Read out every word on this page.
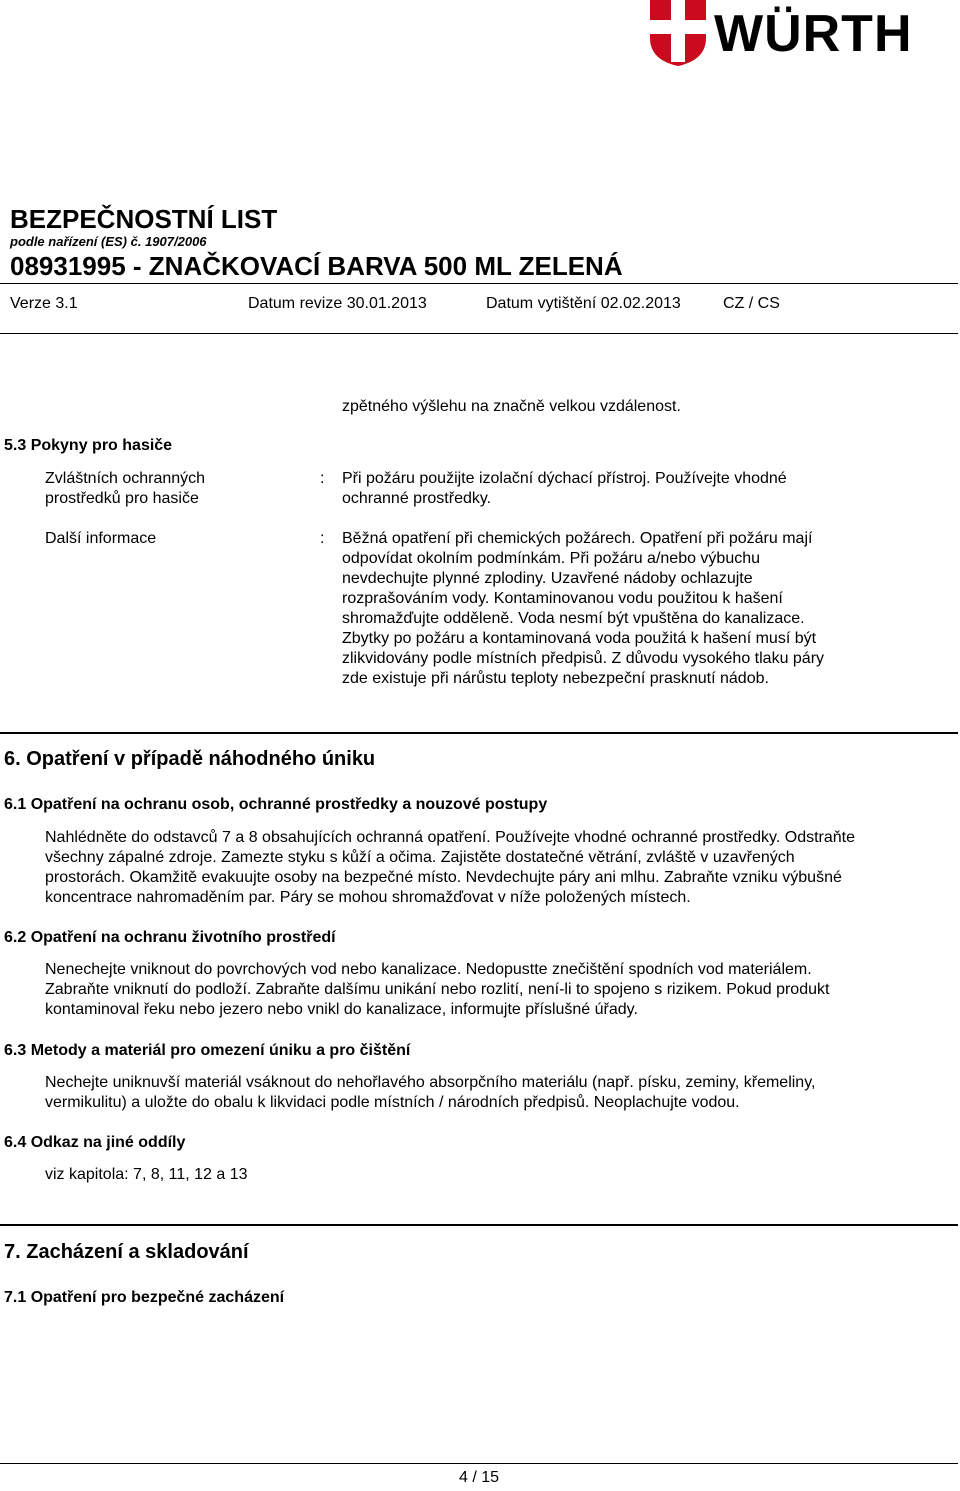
WÜRTH
BEZPEČNOSTNÍ LIST
podle nařízení (ES) č. 1907/2006
08931995 - ZNAČKOVACÍ BARVA 500 ML ZELENÁ
Verze 3.1	Datum revize 30.01.2013	Datum vytištění 02.02.2013	CZ / CS
zpětného výšlehu na značně velkou vzdálenost.
5.3 Pokyny pro hasiče
Zvláštních ochranných
prostředků pro hasiče
: Při požáru použijte izolační dýchací přístroj. Používejte vhodné
ochranné prostředky.
Další informace	: Běžná opatření při chemických požárech. Opatření při požáru mají
odpovídat okolním podmínkám. Při požáru a/nebo výbuchu
nevdechujte plynné zplodiny. Uzavřené nádoby ochlazujte
rozprašováním vody. Kontaminovanou vodu použitou k hašení
shromažďujte odděleně. Voda nesmí být vpuštěna do kanalizace.
Zbytky po požáru a kontaminovaná voda použitá k hašení musí být
zlikvidovány podle místních předpisů. Z důvodu vysokého tlaku páry
zde existuje při nárůstu teploty nebezpeční prasknutí nádob.
6. Opatření v případě náhodného úniku
6.1 Opatření na ochranu osob, ochranné prostředky a nouzové postupy
Nahlédněte do odstavců 7 a 8 obsahujících ochranná opatření. Používejte vhodné ochranné prostředky. Odstraňte
všechny zápalné zdroje. Zamezte styku s kůží a očima. Zajistěte dostatečné větrání, zvláště v uzavřených
prostorách. Okamžitě evakuujte osoby na bezpečné místo. Nevdechujte páry ani mlhu. Zabraňte vzniku výbušné
koncentrace nahromaděním par. Páry se mohou shromažďovat v níže položených místech.
6.2 Opatření na ochranu životního prostředí
Nenechejte vniknout do povrchových vod nebo kanalizace. Nedopustte znečištění spodních vod materiálem.
Zabraňte vniknutí do podloží. Zabraňte dalšímu unikání nebo rozlití, není-li to spojeno s rizikem. Pokud produkt
kontaminoval řeku nebo jezero nebo vnikl do kanalizace, informujte příslušné úřady.
6.3 Metody a materiál pro omezení úniku a pro čištění
Nechejte uniknuvší materiál vsáknout do nehořlavého absorpčního materiálu (např. písku, zeminy, křemeliny,
vermikulitu) a uložte do obalu k likvidaci podle místních / národních předpisů. Neoplachujte vodou.
6.4 Odkaz na jiné oddíly
viz kapitola: 7, 8, 11, 12 a 13
7. Zacházení a skladování
7.1 Opatření pro bezpečné zacházení
4 / 15
